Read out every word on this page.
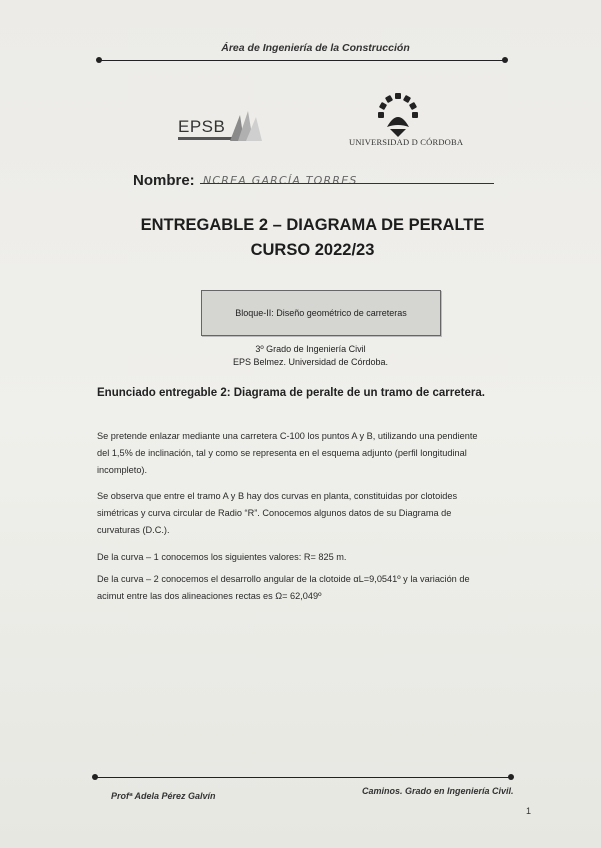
Área de Ingeniería de la Construcción
EPSB
UNIVERSIDAD D CÓRDOBA
Nombre: NCREA GARCÍA TORRES
ENTREGABLE 2 – DIAGRAMA DE PERALTE
CURSO 2022/23
Bloque-II: Diseño geométrico de carreteras
3º Grado de Ingeniería Civil
EPS Belmez. Universidad de Córdoba.
Enunciado entregable 2: Diagrama de peralte de un tramo de carretera.
Se pretende enlazar mediante una carretera C-100 los puntos A y B, utilizando una pendiente
del 1,5% de inclinación, tal y como se representa en el esquema adjunto (perfil longitudinal
incompleto).
Se observa que entre el tramo A y B hay dos curvas en planta, constituidas por clotoides
simétricas y curva circular de Radio “R”. Conocemos algunos datos de su Diagrama de
curvaturas (D.C.).
De la curva – 1 conocemos los siguientes valores: R= 825 m.
De la curva – 2 conocemos el desarrollo angular de la clotoide αL=9,0541º y la variación de
acimut entre las dos alineaciones rectas es Ω= 62,049º
Profª Adela Pérez Galvín	Caminos. Grado en Ingeniería Civil.
1
